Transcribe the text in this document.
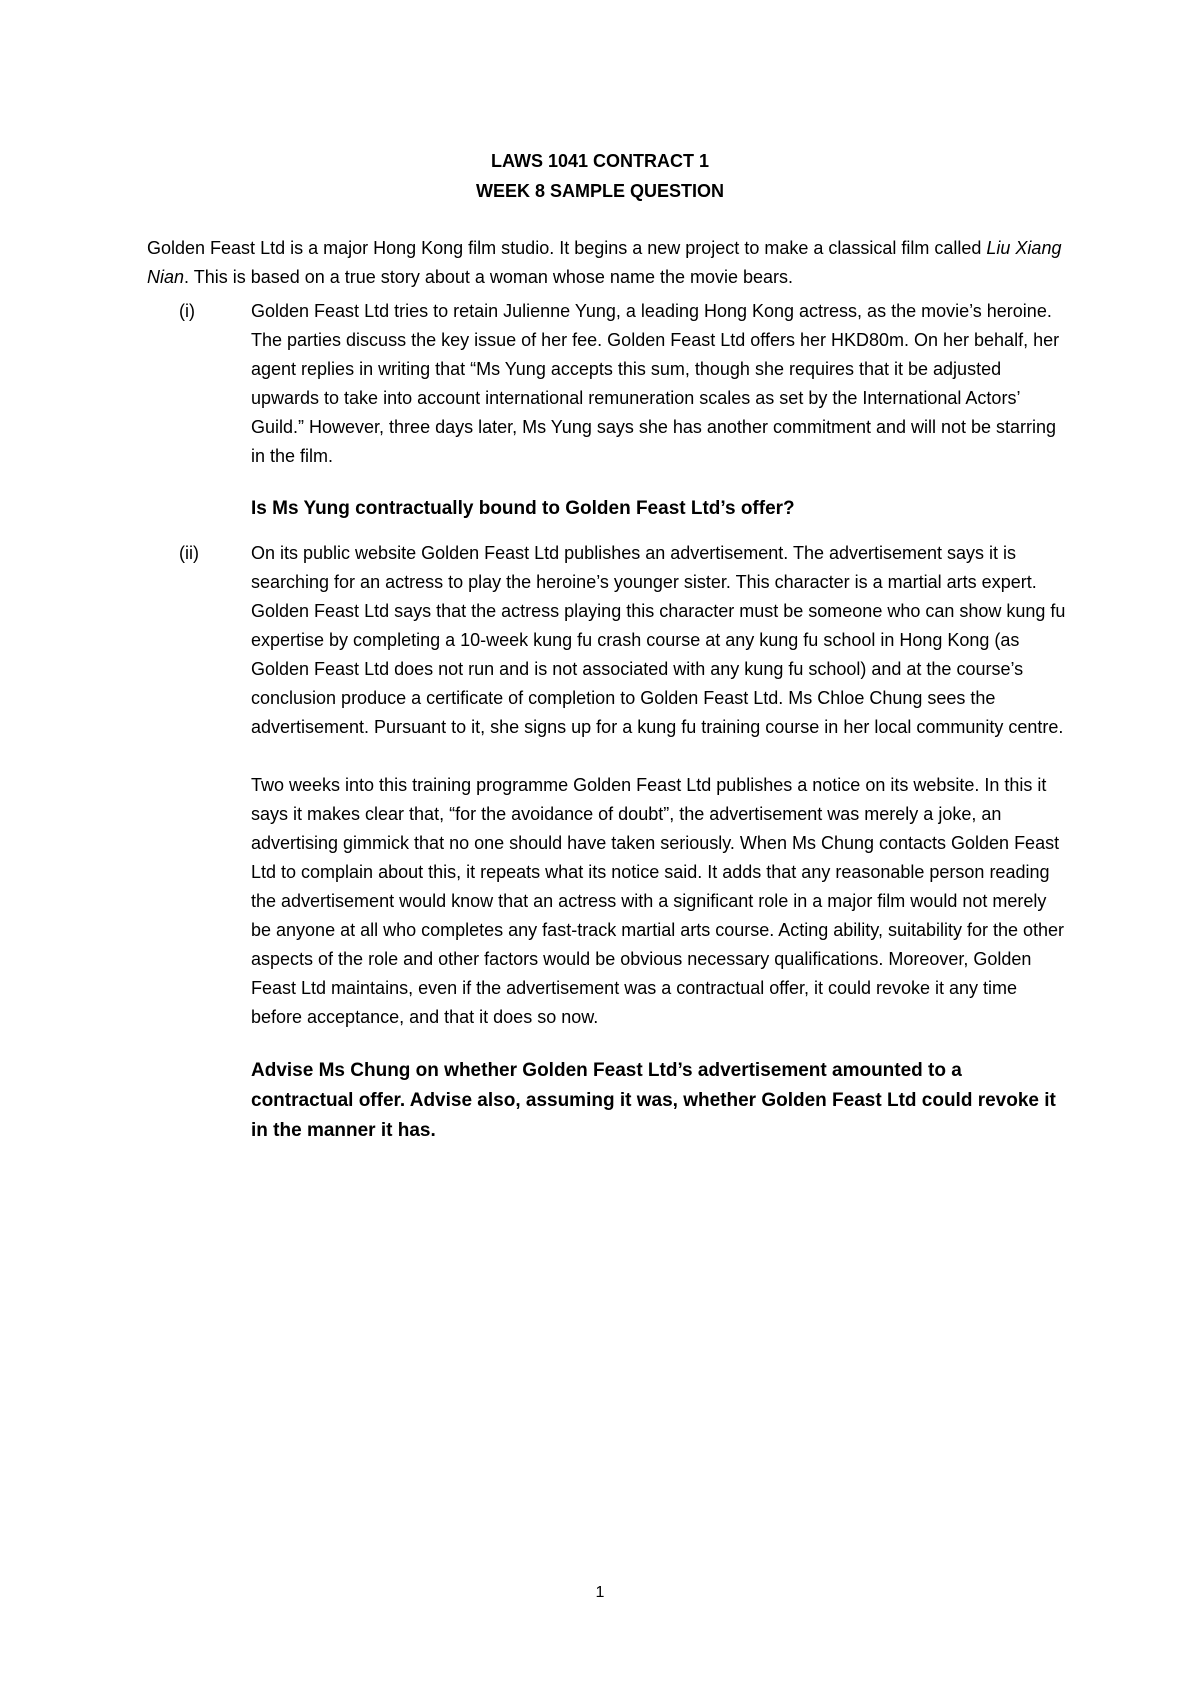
LAWS 1041 CONTRACT 1
WEEK 8 SAMPLE QUESTION
Golden Feast Ltd is a major Hong Kong film studio. It begins a new project to make a classical film called Liu Xiang Nian. This is based on a true story about a woman whose name the movie bears.
(i)	Golden Feast Ltd tries to retain Julienne Yung, a leading Hong Kong actress, as the movie’s heroine. The parties discuss the key issue of her fee. Golden Feast Ltd offers her HKD80m. On her behalf, her agent replies in writing that “Ms Yung accepts this sum, though she requires that it be adjusted upwards to take into account international remuneration scales as set by the International Actors’ Guild.” However, three days later, Ms Yung says she has another commitment and will not be starring in the film.

Is Ms Yung contractually bound to Golden Feast Ltd’s offer?

(ii)	On its public website Golden Feast Ltd publishes an advertisement. The advertisement says it is searching for an actress to play the heroine’s younger sister. This character is a martial arts expert. Golden Feast Ltd says that the actress playing this character must be someone who can show kung fu expertise by completing a 10-week kung fu crash course at any kung fu school in Hong Kong (as Golden Feast Ltd does not run and is not associated with any kung fu school) and at the course’s conclusion produce a certificate of completion to Golden Feast Ltd. Ms Chloe Chung sees the advertisement. Pursuant to it, she signs up for a kung fu training course in her local community centre.

Two weeks into this training programme Golden Feast Ltd publishes a notice on its website. In this it says it makes clear that, “for the avoidance of doubt”, the advertisement was merely a joke, an advertising gimmick that no one should have taken seriously. When Ms Chung contacts Golden Feast Ltd to complain about this, it repeats what its notice said. It adds that any reasonable person reading the advertisement would know that an actress with a significant role in a major film would not merely be anyone at all who completes any fast-track martial arts course. Acting ability, suitability for the other aspects of the role and other factors would be obvious necessary qualifications. Moreover, Golden Feast Ltd maintains, even if the advertisement was a contractual offer, it could revoke it any time before acceptance, and that it does so now.

Advise Ms Chung on whether Golden Feast Ltd’s advertisement amounted to a contractual offer. Advise also, assuming it was, whether Golden Feast Ltd could revoke it in the manner it has.

1
